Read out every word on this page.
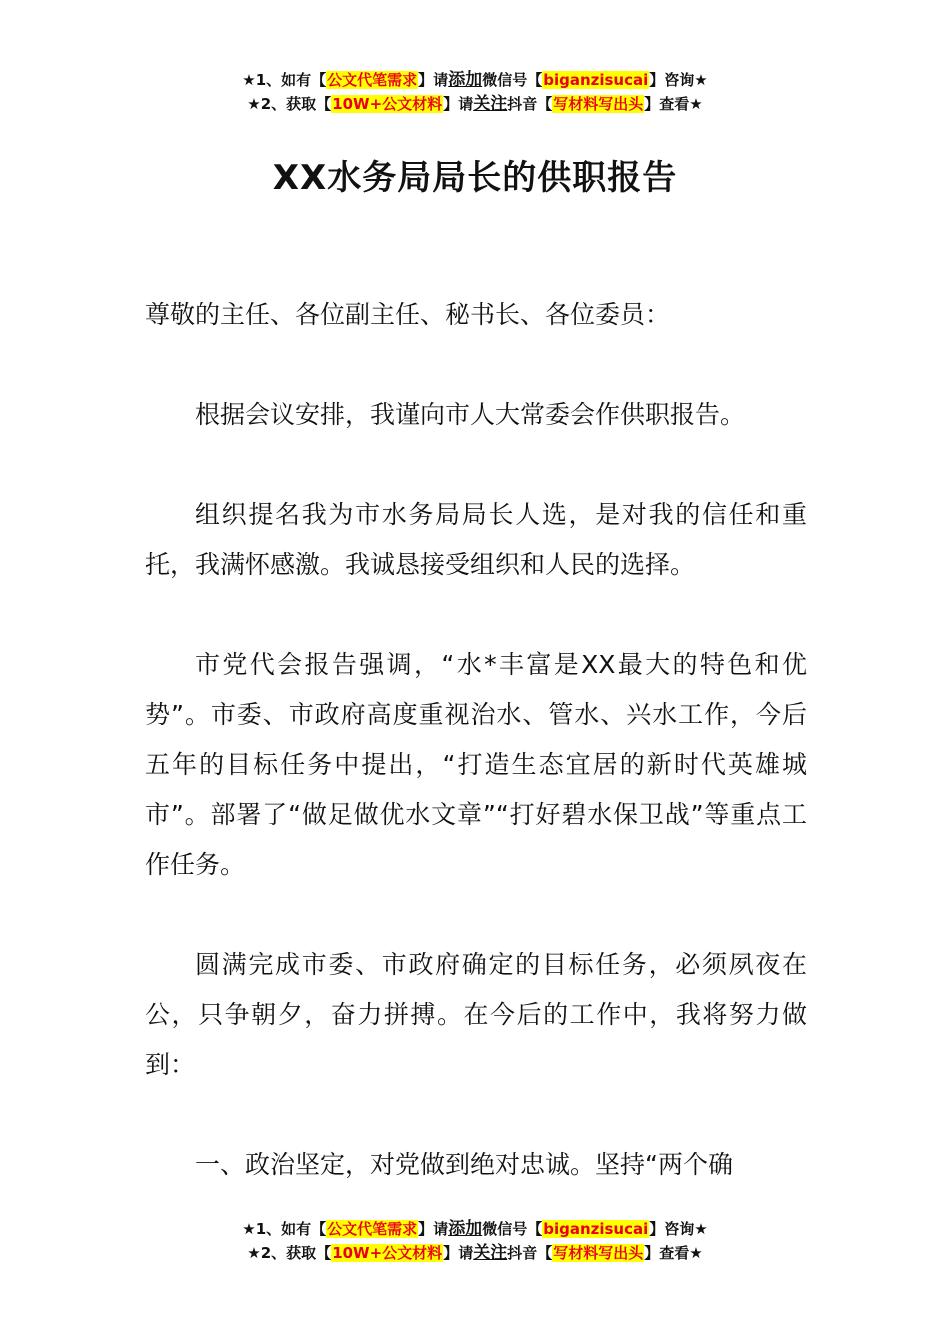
★1、如有【公文代笔需求】请添加微信号【biganzisucai】咨询★
★2、获取【10W+公文材料】请关注抖音【写材料写出头】查看★
XX水务局局长的供职报告

尊敬的主任、各位副主任、秘书长、各位委员：

根据会议安排，我谨向市人大常委会作供职报告。

组织提名我为市水务局局长人选，是对我的信任和重托，我满怀感激。我诚恳接受组织和人民的选择。

市党代会报告强调，“水*丰富是XX最大的特色和优势”。市委、市政府高度重视治水、管水、兴水工作，今后五年的目标任务中提出，“打造生态宜居的新时代英雄城市”。部署了“做足做优水文章”“打好碧水保卫战”等重点工作任务。

圆满完成市委、市政府确定的目标任务，必须夙夜在公，只争朝夕，奋力拼搏。在今后的工作中，我将努力做到：

一、政治坚定，对党做到绝对忠诚。坚持“两个确

★1、如有【公文代笔需求】请添加微信号【biganzisucai】咨询★
★2、获取【10W+公文材料】请关注抖音【写材料写出头】查看★
